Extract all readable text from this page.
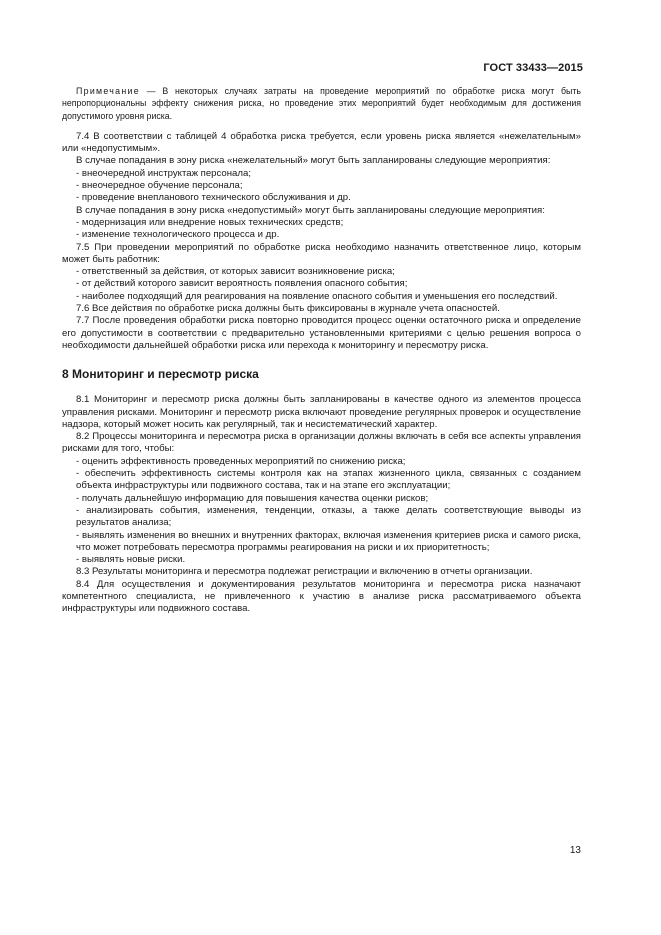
ГОСТ 33433—2015

Примечание — В некоторых случаях затраты на проведение мероприятий по обработке риска могут быть непропорциональны эффекту снижения риска, но проведение этих мероприятий будет необходимым для достижения допустимого уровня риска.

7.4 В соответствии с таблицей 4 обработка риска требуется, если уровень риска является «нежелательным» или «недопустимым».

В случае попадания в зону риска «нежелательный» могут быть запланированы следующие мероприятия:

- внеочередной инструктаж персонала;

- внеочередное обучение персонала;

- проведение внепланового технического обслуживания и др.

В случае попадания в зону риска «недопустимый» могут быть запланированы следующие мероприятия:

- модернизация или внедрение новых технических средств;

- изменение технологического процесса и др.

7.5 При проведении мероприятий по обработке риска необходимо назначить ответственное лицо, которым может быть работник:

- ответственный за действия, от которых зависит возникновение риска;

- от действий которого зависит вероятность появления опасного события;

- наиболее подходящий для реагирования на появление опасного события и уменьшения его последствий.

7.6 Все действия по обработке риска должны быть фиксированы в журнале учета опасностей.

7.7 После проведения обработки риска повторно проводится процесс оценки остаточного риска и определение его допустимости в соответствии с предварительно установленными критериями с целью решения вопроса о необходимости дальнейшей обработки риска или перехода к мониторингу и пересмотру риска.

8 Мониторинг и пересмотр риска

8.1 Мониторинг и пересмотр риска должны быть запланированы в качестве одного из элементов процесса управления рисками. Мониторинг и пересмотр риска включают проведение регулярных проверок и осуществление надзора, который может носить как регулярный, так и несистематический характер.

8.2 Процессы мониторинга и пересмотра риска в организации должны включать в себя все аспекты управления рисками для того, чтобы:

- оценить эффективность проведенных мероприятий по снижению риска;

- обеспечить эффективность системы контроля как на этапах жизненного цикла, связанных с созданием объекта инфраструктуры или подвижного состава, так и на этапе его эксплуатации;

- получать дальнейшую информацию для повышения качества оценки рисков;

- анализировать события, изменения, тенденции, отказы, а также делать соответствующие выводы из результатов анализа;

- выявлять изменения во внешних и внутренних факторах, включая изменения критериев риска и самого риска, что может потребовать пересмотра программы реагирования на риски и их приоритетность;

- выявлять новые риски.

8.3 Результаты мониторинга и пересмотра подлежат регистрации и включению в отчеты организации.

8.4 Для осуществления и документирования результатов мониторинга и пересмотра риска назначают компетентного специалиста, не привлеченного к участию в анализе риска рассматриваемого объекта инфраструктуры или подвижного состава.

13
